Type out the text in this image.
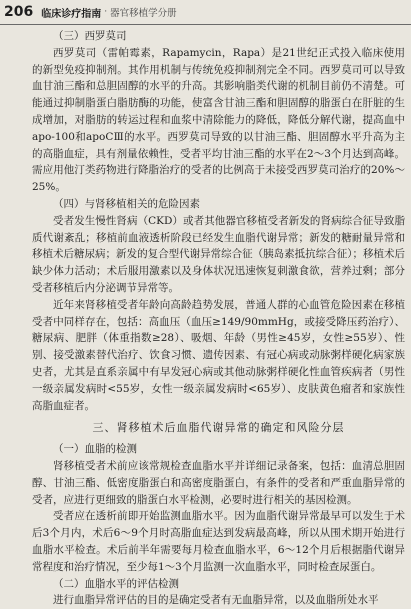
206 临床诊疗指南 · 器官移植学分册

（三）西罗莫司

西罗莫司（雷帕霉素，Rapamycin，Rapa）是21世纪正式投入临床使用的新型免疫抑制剂。其作用机制与传统免疫抑制剂完全不同。西罗莫司可以导致血甘油三酯和总胆固醇的水平的升高。其影响脂类代谢的机制目前仍不清楚。可能通过抑制脂蛋白脂肪酶的功能，使富含甘油三酯和胆固醇的脂蛋白在肝脏的生成增加，对脂肪的转运过程和血浆中清除能力的降低，降低分解代谢，提高血中apo-100和apoCⅢ的水平。西罗莫司导致的以甘油三酯、胆固醇水平升高为主的高脂血症，具有剂量依赖性，受者平均甘油三酯的水平在2～3个月达到高峰。需应用他汀类药物进行降脂治疗的受者的比例高于未接受西罗莫司治疗的20%～25%。

（四）与肾移植相关的危险因素

受者发生慢性肾病（CKD）或者其他器官移植受者新发的肾病综合征导致脂质代谢紊乱；移植前血液透析阶段已经发生血脂代谢异常；新发的糖耐量异常和移植术后糖尿病；新发的复合型代谢异常综合征（胰岛素抵抗综合征）；移植术后缺少体力活动；术后服用激素以及身体状况迅速恢复刺激食欲，营养过剩；部分受者移植后内分泌调节异常等。

近年来肾移植受者年龄向高龄趋势发展，普通人群的心血管危险因素在移植受者中同样存在，包括：高血压（血压≥149/90mmHg，或接受降压药治疗）、糖尿病、肥胖（体重指数≥28）、吸烟、年龄（男性≥45岁，女性≥55岁）、性别、接受激素替代治疗、饮食习惯、遗传因素、有冠心病或动脉粥样硬化病家族史者，尤其是直系亲属中有早发冠心病或其他动脉粥样硬化性血管疾病者（男性一级亲属发病时<55岁，女性一级亲属发病时<65岁）、皮肤黄色瘤者和家族性高脂血症者。

三、肾移植术后血脂代谢异常的确定和风险分层

（一）血脂的检测

肾移植受者术前应该常规检查血脂水平并详细记录备案，包括：血清总胆固醇、甘油三酯、低密度脂蛋白和高密度脂蛋白，有条件的受者和严重血脂异常的受者，应进行更细致的脂蛋白水平检测，必要时进行相关的基因检测。

受者应在透析前即开始监测血脂水平。因为血脂代谢异常最早可以发生于术后3个月内，术后6～9个月时高脂血症达到发病最高峰，所以从围术期开始进行血脂水平检查。术后前半年需要每月检查血脂水平，6～12个月后根据脂代谢异常程度和治疗情况，至少每1～3个月监测一次血脂水平，同时检查尿蛋白。

（二）血脂水平的评估检测

进行血脂异常评估的目的是确定受者有无血脂异常，以及血脂所处水平
